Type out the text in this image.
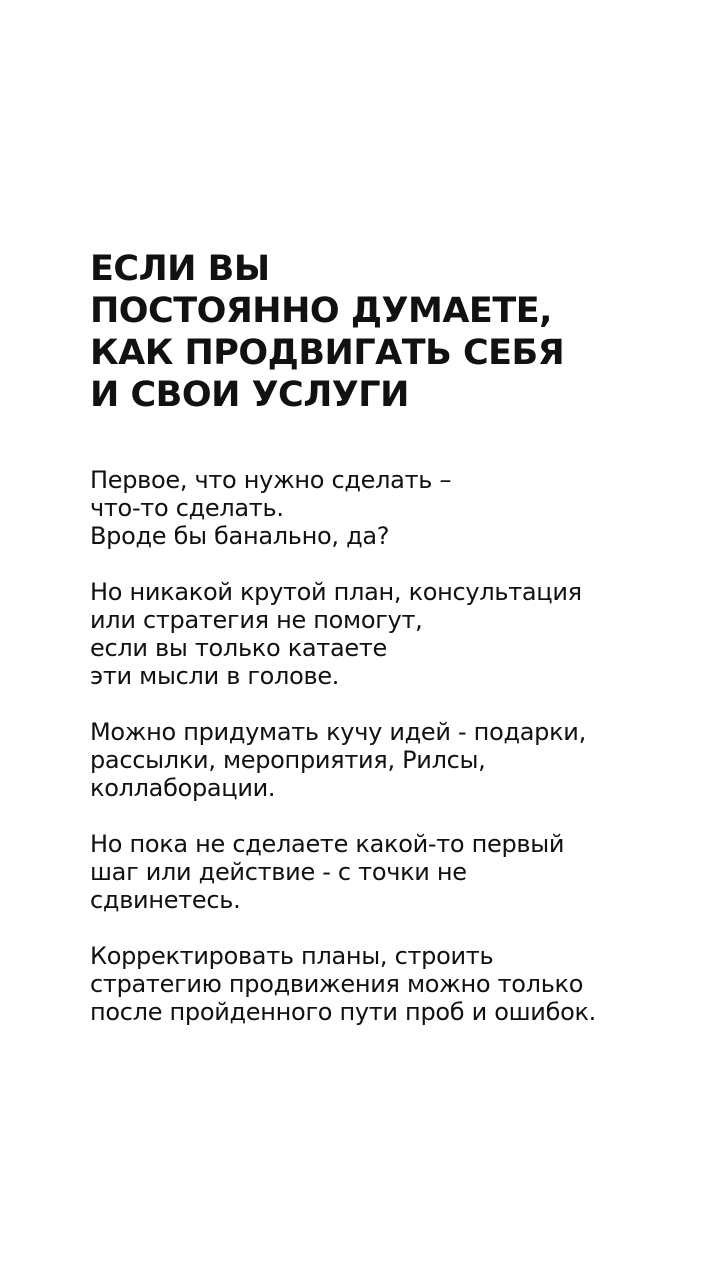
ЕСЛИ ВЫ
ПОСТОЯННО ДУМАЕТЕ,
КАК ПРОДВИГАТЬ СЕБЯ
И СВОИ УСЛУГИ

Первое, что нужно сделать –
что-то сделать.
Вроде бы банально, да?

Но никакой крутой план, консультация
или стратегия не помогут,
если вы только катаете
эти мысли в голове.

Можно придумать кучу идей - подарки,
рассылки, мероприятия, Рилсы,
коллаборации.

Но пока не сделаете какой-то первый
шаг или действие - с точки не
сдвинетесь.

Корректировать планы, строить
стратегию продвижения можно только
после пройденного пути проб и ошибок.
